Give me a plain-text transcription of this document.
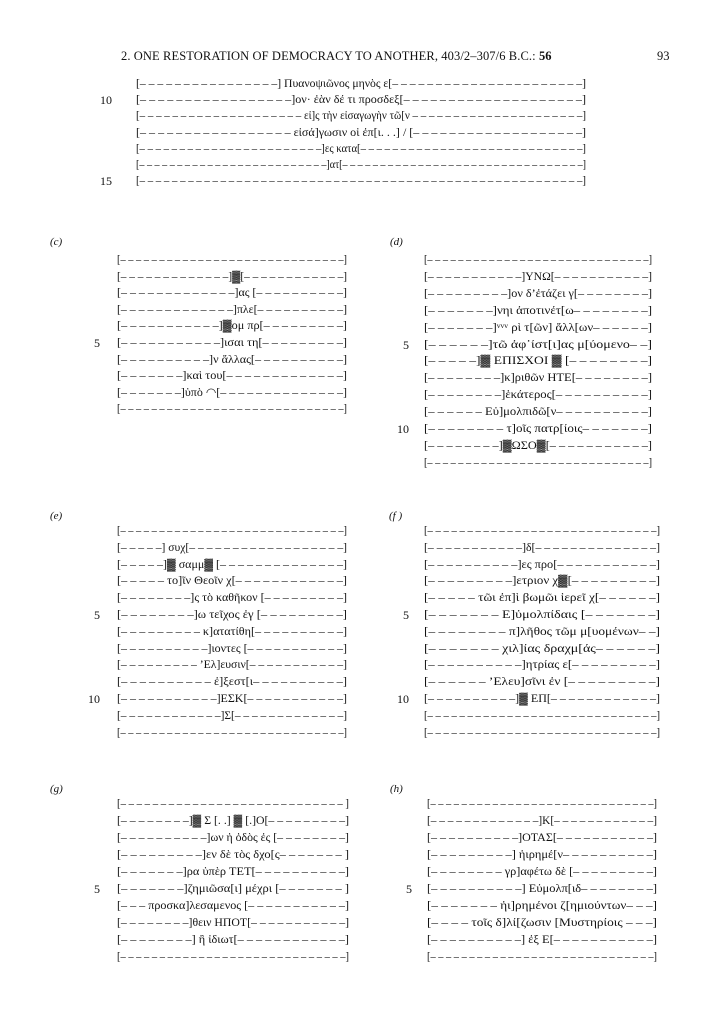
2. ONE RESTORATION OF DEMOCRACY TO ANOTHER, 403/2–307/6 B.C.: 56	93
[‒ ‒ ‒ ‒ ‒ ‒ ‒ ‒ ‒ ‒ ‒ ‒ ‒ ‒ ‒ ‒] Πυανοψιῶνος μηνὸς ε[‒ ‒ ‒ ‒ ‒ ‒ ‒ ‒ ‒ ‒ ‒ ‒ ‒ ‒ ‒ ‒ ‒ ‒ ‒ ‒ ‒ ‒]
[‒ ‒ ‒ ‒ ‒ ‒ ‒ ‒ ‒ ‒ ‒ ‒ ‒ ‒ ‒ ‒ ‒]ον· ἐὰν δέ τι προσδεξ[‒ ‒ ‒ ‒ ‒ ‒ ‒ ‒ ‒ ‒ ‒ ‒ ‒ ‒ ‒ ‒ ‒ ‒ ‒ ‒]
[‒ ‒ ‒ ‒ ‒ ‒ ‒ ‒ ‒ ‒ ‒ ‒ ‒ ‒ ‒ ‒ ‒ ‒ ‒ ‒ εἰ]ς τὴν εἰσαγωγὴν τῶ[ν ‒ ‒ ‒ ‒ ‒ ‒ ‒ ‒ ‒ ‒ ‒ ‒ ‒ ‒ ‒ ‒ ‒ ‒ ‒ ‒ ‒]
[‒ ‒ ‒ ‒ ‒ ‒ ‒ ‒ ‒ ‒ ‒ ‒ ‒ ‒ ‒ ‒ ‒ εἰσά]γωσιν οἱ ἐπ[ι. . .] / [‒ ‒ ‒ ‒ ‒ ‒ ‒ ‒ ‒ ‒ ‒ ‒ ‒ ‒ ‒ ‒ ‒ ‒ ‒]
[‒ ‒ ‒ ‒ ‒ ‒ ‒ ‒ ‒ ‒ ‒ ‒ ‒ ‒ ‒ ‒ ‒ ‒ ‒ ‒ ‒ ‒ ‒]ες κατα[‒ ‒ ‒ ‒ ‒ ‒ ‒ ‒ ‒ ‒ ‒ ‒ ‒ ‒ ‒ ‒ ‒ ‒ ‒ ‒ ‒ ‒ ‒ ‒ ‒ ‒ ‒ ‒]
[‒ ‒ ‒ ‒ ‒ ‒ ‒ ‒ ‒ ‒ ‒ ‒ ‒ ‒ ‒ ‒ ‒ ‒ ‒ ‒ ‒ ‒ ‒ ‒ ‒]ατ[‒ ‒ ‒ ‒ ‒ ‒ ‒ ‒ ‒ ‒ ‒ ‒ ‒ ‒ ‒ ‒ ‒ ‒ ‒ ‒ ‒ ‒ ‒ ‒ ‒ ‒ ‒ ‒ ‒ ‒ ‒ ‒]
[‒ ‒ ‒ ‒ ‒ ‒ ‒ ‒ ‒ ‒ ‒ ‒ ‒ ‒ ‒ ‒ ‒ ‒ ‒ ‒ ‒ ‒ ‒ ‒ ‒ ‒ ‒ ‒ ‒ ‒ ‒ ‒ ‒ ‒ ‒ ‒ ‒ ‒ ‒ ‒ ‒ ‒ ‒ ‒ ‒ ‒ ‒ ‒ ‒ ‒ ‒ ‒ ‒ ‒ ‒]
10
15
(c)
[‒ ‒ ‒ ‒ ‒ ‒ ‒ ‒ ‒ ‒ ‒ ‒ ‒ ‒ ‒ ‒ ‒ ‒ ‒ ‒ ‒ ‒ ‒ ‒ ‒ ‒ ‒ ‒ ‒]
[‒ ‒ ‒ ‒ ‒ ‒ ‒ ‒ ‒ ‒ ‒ ‒ ‒]▓[‒ ‒ ‒ ‒ ‒ ‒ ‒ ‒ ‒ ‒ ‒ ‒]
[‒ ‒ ‒ ‒ ‒ ‒ ‒ ‒ ‒ ‒ ‒ ‒ ‒]ας [‒ ‒ ‒ ‒ ‒ ‒ ‒ ‒ ‒ ‒]
[‒ ‒ ‒ ‒ ‒ ‒ ‒ ‒ ‒ ‒ ‒ ‒ ‒]πλε[‒ ‒ ‒ ‒ ‒ ‒ ‒ ‒ ‒ ‒]
[‒ ‒ ‒ ‒ ‒ ‒ ‒ ‒ ‒ ‒ ‒]▓ομ πρ[‒ ‒ ‒ ‒ ‒ ‒ ‒ ‒ ‒]
[‒ ‒ ‒ ‒ ‒ ‒ ‒ ‒ ‒ ‒ ‒]ισαι τη[‒ ‒ ‒ ‒ ‒ ‒ ‒ ‒ ‒]
[‒ ‒ ‒ ‒ ‒ ‒ ‒ ‒ ‒ ‒]ν ἄλλας[‒ ‒ ‒ ‒ ‒ ‒ ‒ ‒ ‒ ‒]
[‒ ‒ ‒ ‒ ‒ ‒ ‒]καὶ του[‒ ‒ ‒ ‒ ‒ ‒ ‒ ‒ ‒ ‒ ‒ ‒ ‒]
[‒ ‒ ‒ ‒ ‒ ‒ ‒]ὑπὸ ◠[‒ ‒ ‒ ‒ ‒ ‒ ‒ ‒ ‒ ‒ ‒ ‒ ‒ ‒]
[‒ ‒ ‒ ‒ ‒ ‒ ‒ ‒ ‒ ‒ ‒ ‒ ‒ ‒ ‒ ‒ ‒ ‒ ‒ ‒ ‒ ‒ ‒ ‒ ‒ ‒ ‒ ‒ ‒]
5
(d)
[‒ ‒ ‒ ‒ ‒ ‒ ‒ ‒ ‒ ‒ ‒ ‒ ‒ ‒ ‒ ‒ ‒ ‒ ‒ ‒ ‒ ‒ ‒ ‒ ‒ ‒ ‒ ‒ ‒]
[‒ ‒ ‒ ‒ ‒ ‒ ‒ ‒ ‒ ‒ ‒]ΥΝΩ[‒ ‒ ‒ ‒ ‒ ‒ ‒ ‒ ‒ ‒ ‒]
[‒ ‒ ‒ ‒ ‒ ‒ ‒ ‒ ‒]ον δ’ἐτάζει γ[‒ ‒ ‒ ‒ ‒ ‒ ‒ ‒]
[‒ ‒ ‒ ‒ ‒ ‒ ‒]νηι ἀποτινέτ[ω‒ ‒ ‒ ‒ ‒ ‒ ‒ ‒]
[‒ ‒ ‒ ‒ ‒ ‒ ‒]ᵛᵛᵛ ρὶ τ[ῶν] ἄλλ[ων‒ ‒ ‒ ‒ ‒ ‒]
[‒ ‒ ‒ ‒ ‒ ‒]τῶ ἀφ᾽ίστ[ι]ας μ[ύομενο‒ ‒]
[‒ ‒ ‒ ‒ ‒]▓ ΕΠΙΣΧΟΙ ▓ [‒ ‒ ‒ ‒ ‒ ‒ ‒ ‒]
[‒ ‒ ‒ ‒ ‒ ‒ ‒ ‒]κ]ριθῶν ΗΤΕ[‒ ‒ ‒ ‒ ‒ ‒ ‒ ‒]
[‒ ‒ ‒ ‒ ‒ ‒ ‒ ‒]ἑκάτερος[‒ ‒ ‒ ‒ ‒ ‒ ‒ ‒ ‒ ‒]
[‒ ‒ ‒ ‒ ‒ ‒ Εὐ]μολπιδῶ[ν‒ ‒ ‒ ‒ ‒ ‒ ‒ ‒ ‒ ‒]
[‒ ‒ ‒ ‒ ‒ ‒ ‒ ‒ τ]οῖς πατρ[ίοις‒ ‒ ‒ ‒ ‒ ‒ ‒]
[‒ ‒ ‒ ‒ ‒ ‒ ‒ ‒]▓ΩΣΟ▓[‒ ‒ ‒ ‒ ‒ ‒ ‒ ‒ ‒ ‒ ‒]
[‒ ‒ ‒ ‒ ‒ ‒ ‒ ‒ ‒ ‒ ‒ ‒ ‒ ‒ ‒ ‒ ‒ ‒ ‒ ‒ ‒ ‒ ‒ ‒ ‒ ‒ ‒ ‒ ‒]
5
10
(e)
[‒ ‒ ‒ ‒ ‒ ‒ ‒ ‒ ‒ ‒ ‒ ‒ ‒ ‒ ‒ ‒ ‒ ‒ ‒ ‒ ‒ ‒ ‒ ‒ ‒ ‒ ‒ ‒ ‒]
[‒ ‒ ‒ ‒ ‒] συχ[‒ ‒ ‒ ‒ ‒ ‒ ‒ ‒ ‒ ‒ ‒ ‒ ‒ ‒ ‒ ‒ ‒ ‒]
[‒ ‒ ‒ ‒ ‒]▓ σαμμ▓ [‒ ‒ ‒ ‒ ‒ ‒ ‒ ‒ ‒ ‒ ‒ ‒ ‒ ‒]
[‒ ‒ ‒ ‒ ‒ το]ῖν Θεοῖν χ[‒ ‒ ‒ ‒ ‒ ‒ ‒ ‒ ‒ ‒ ‒ ‒]
[‒ ‒ ‒ ‒ ‒ ‒ ‒ ‒]ς τὸ καθῆκον [‒ ‒ ‒ ‒ ‒ ‒ ‒ ‒ ‒]
[‒ ‒ ‒ ‒ ‒ ‒ ‒ ‒]ω τεῖχος ἐγ [‒ ‒ ‒ ‒ ‒ ‒ ‒ ‒ ‒]
[‒ ‒ ‒ ‒ ‒ ‒ ‒ ‒ ‒ κ]ατατίθη[‒ ‒ ‒ ‒ ‒ ‒ ‒ ‒ ‒ ‒]
[‒ ‒ ‒ ‒ ‒ ‒ ‒ ‒ ‒ ‒]ιοντες [‒ ‒ ‒ ‒ ‒ ‒ ‒ ‒ ‒ ‒ ‒]
[‒ ‒ ‒ ‒ ‒ ‒ ‒ ‒ ‒ ’Ελ]ευσιν[‒ ‒ ‒ ‒ ‒ ‒ ‒ ‒ ‒ ‒ ‒]
[‒ ‒ ‒ ‒ ‒ ‒ ‒ ‒ ‒ ‒ ἐ]ξεστ[ι‒ ‒ ‒ ‒ ‒ ‒ ‒ ‒ ‒ ‒]
[‒ ‒ ‒ ‒ ‒ ‒ ‒ ‒ ‒ ‒ ‒]ΕΣΚ[‒ ‒ ‒ ‒ ‒ ‒ ‒ ‒ ‒ ‒ ‒]
[‒ ‒ ‒ ‒ ‒ ‒ ‒ ‒ ‒ ‒ ‒ ‒]Σ[‒ ‒ ‒ ‒ ‒ ‒ ‒ ‒ ‒ ‒ ‒ ‒ ‒]
[‒ ‒ ‒ ‒ ‒ ‒ ‒ ‒ ‒ ‒ ‒ ‒ ‒ ‒ ‒ ‒ ‒ ‒ ‒ ‒ ‒ ‒ ‒ ‒ ‒ ‒ ‒ ‒ ‒]
5
10
(f )
[‒ ‒ ‒ ‒ ‒ ‒ ‒ ‒ ‒ ‒ ‒ ‒ ‒ ‒ ‒ ‒ ‒ ‒ ‒ ‒ ‒ ‒ ‒ ‒ ‒ ‒ ‒ ‒ ‒]
[‒ ‒ ‒ ‒ ‒ ‒ ‒ ‒ ‒ ‒ ‒]δ[‒ ‒ ‒ ‒ ‒ ‒ ‒ ‒ ‒ ‒ ‒ ‒ ‒ ‒]
[‒ ‒ ‒ ‒ ‒ ‒ ‒ ‒ ‒ ‒]ες προ[‒ ‒ ‒ ‒ ‒ ‒ ‒ ‒ ‒ ‒ ‒]
[‒ ‒ ‒ ‒ ‒ ‒ ‒ ‒ ‒]ετριον χ▓[‒ ‒ ‒ ‒ ‒ ‒ ‒ ‒ ‒]
[‒ ‒ ‒ ‒ ‒ τῶι ἐπ]ὶ βωμῶι ἱερεῖ χ[‒ ‒ ‒ ‒ ‒ ‒]
[‒ ‒ ‒ ‒ ‒ ‒ ‒ Ε]ὐμολπίδαις [‒ ‒ ‒ ‒ ‒ ‒ ‒]
[‒ ‒ ‒ ‒ ‒ ‒ ‒ ‒ π]λῆθος τῶμ μ[υομένων‒ ‒]
[‒ ‒ ‒ ‒ ‒ ‒ ‒ χιλ]ίας δραχμ[άς‒ ‒ ‒ ‒ ‒ ‒]
[‒ ‒ ‒ ‒ ‒ ‒ ‒ ‒ ‒ ‒]ητρίας ε[‒ ‒ ‒ ‒ ‒ ‒ ‒ ‒ ‒]
[‒ ‒ ‒ ‒ ‒ ‒ ’Ελευ]σῖνι ἐν [‒ ‒ ‒ ‒ ‒ ‒ ‒ ‒ ‒]
[‒ ‒ ‒ ‒ ‒ ‒ ‒ ‒ ‒ ‒]▓ ΕΠ[‒ ‒ ‒ ‒ ‒ ‒ ‒ ‒ ‒ ‒ ‒ ‒]
[‒ ‒ ‒ ‒ ‒ ‒ ‒ ‒ ‒ ‒ ‒ ‒ ‒ ‒ ‒ ‒ ‒ ‒ ‒ ‒ ‒ ‒ ‒ ‒ ‒ ‒ ‒ ‒ ‒]
[‒ ‒ ‒ ‒ ‒ ‒ ‒ ‒ ‒ ‒ ‒ ‒ ‒ ‒ ‒ ‒ ‒ ‒ ‒ ‒ ‒ ‒ ‒ ‒ ‒ ‒ ‒ ‒ ‒]
5
10
(g)
[‒ ‒ ‒ ‒ ‒ ‒ ‒ ‒ ‒ ‒ ‒ ‒ ‒ ‒ ‒ ‒ ‒ ‒ ‒ ‒ ‒ ‒ ‒ ‒ ‒ ‒ ‒ ‒ ]
[‒ ‒ ‒ ‒ ‒ ‒ ‒ ‒]▓ Σ [. .] ▓ [.]Ο[‒ ‒ ‒ ‒ ‒ ‒ ‒ ‒ ‒]
[‒ ‒ ‒ ‒ ‒ ‒ ‒ ‒ ‒ ‒]ων ἡ ὁδὸς ἐς [‒ ‒ ‒ ‒ ‒ ‒ ‒ ‒]
[‒ ‒ ‒ ‒ ‒ ‒ ‒ ‒ ‒]εν δὲ τὸς δχο[ς‒ ‒ ‒ ‒ ‒ ‒ ‒ ]
[‒ ‒ ‒ ‒ ‒ ‒ ‒]ρα ὑπὲρ ΤΕΤ[‒ ‒ ‒ ‒ ‒ ‒ ‒ ‒ ‒ ‒]
[‒ ‒ ‒ ‒ ‒ ‒ ‒]ζημιῶσα[ι] μέχρι [‒ ‒ ‒ ‒ ‒ ‒ ‒ ]
[‒ ‒ ‒ προσκα]λεσαμενος [‒ ‒ ‒ ‒ ‒ ‒ ‒ ‒ ‒ ‒ ‒]
[‒ ‒ ‒ ‒ ‒ ‒ ‒ ‒]θειν ΗΠΟΤ[‒ ‒ ‒ ‒ ‒ ‒ ‒ ‒ ‒ ‒ ‒]
[‒ ‒ ‒ ‒ ‒ ‒ ‒ ‒] ἢ ἰδιωτ[‒ ‒ ‒ ‒ ‒ ‒ ‒ ‒ ‒ ‒ ‒ ‒]
[‒ ‒ ‒ ‒ ‒ ‒ ‒ ‒ ‒ ‒ ‒ ‒ ‒ ‒ ‒ ‒ ‒ ‒ ‒ ‒ ‒ ‒ ‒ ‒ ‒ ‒ ‒ ‒ ‒]
5
(h)
[‒ ‒ ‒ ‒ ‒ ‒ ‒ ‒ ‒ ‒ ‒ ‒ ‒ ‒ ‒ ‒ ‒ ‒ ‒ ‒ ‒ ‒ ‒ ‒ ‒ ‒ ‒ ‒ ‒]
[‒ ‒ ‒ ‒ ‒ ‒ ‒ ‒ ‒ ‒ ‒ ‒ ‒]Κ[‒ ‒ ‒ ‒ ‒ ‒ ‒ ‒ ‒ ‒ ‒ ‒]
[‒ ‒ ‒ ‒ ‒ ‒ ‒ ‒ ‒ ‒]ΟΤΑΣ[‒ ‒ ‒ ‒ ‒ ‒ ‒ ‒ ‒ ‒ ‒]
[‒ ‒ ‒ ‒ ‒ ‒ ‒ ‒ ‒] ἠιρημέ[ν‒ ‒ ‒ ‒ ‒ ‒ ‒ ‒ ‒ ‒]
[‒ ‒ ‒ ‒ ‒ ‒ ‒ ‒ γρ]αφέτω δὲ [‒ ‒ ‒ ‒ ‒ ‒ ‒ ‒ ‒]
[‒ ‒ ‒ ‒ ‒ ‒ ‒ ‒ ‒ ‒] Εὐμολπ[ιδ‒ ‒ ‒ ‒ ‒ ‒ ‒ ‒]
[‒ ‒ ‒ ‒ ‒ ‒ ‒ ἠι]ρημένοι ζ[ημιούντων‒ ‒ ‒]
[‒ ‒ ‒ ‒ τοῖς δ]λί[ζωσιν [Μυστηρίοις ‒ ‒ ‒]
[‒ ‒ ‒ ‒ ‒ ‒ ‒ ‒ ‒ ‒] ἐξ Ε[‒ ‒ ‒ ‒ ‒ ‒ ‒ ‒ ‒ ‒ ‒]
[‒ ‒ ‒ ‒ ‒ ‒ ‒ ‒ ‒ ‒ ‒ ‒ ‒ ‒ ‒ ‒ ‒ ‒ ‒ ‒ ‒ ‒ ‒ ‒ ‒ ‒ ‒ ‒ ‒]
5
